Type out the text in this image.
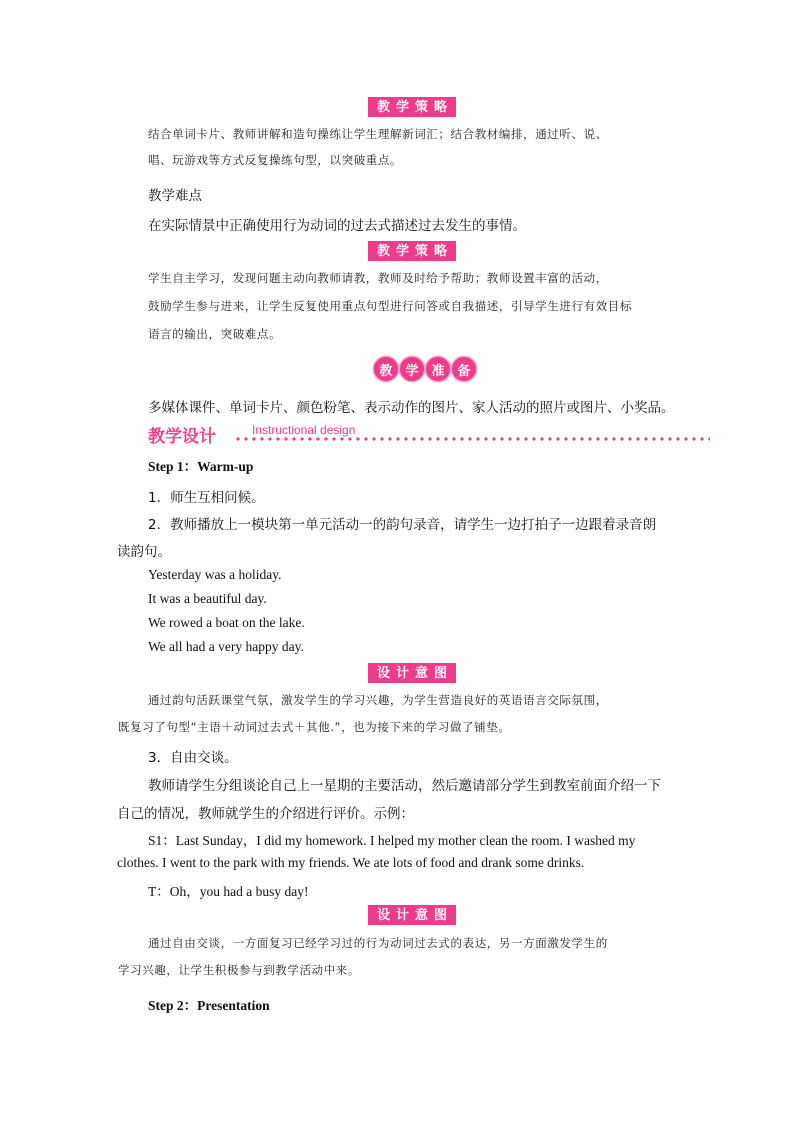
教 学 策 略
结合单词卡片、教师讲解和造句操练让学生理解新词汇；结合教材编排，通过听、说、
唱、玩游戏等方式反复操练句型，以突破重点。
教学难点
在实际情景中正确使用行为动词的过去式描述过去发生的事情。
教 学 策 略
学生自主学习，发现问题主动向教师请教，教师及时给予帮助；教师设置丰富的活动，
鼓励学生参与进来，让学生反复使用重点句型进行问答或自我描述，引导学生进行有效目标
语言的输出，突破难点。
教 学 准 备
多媒体课件、单词卡片、颜色粉笔、表示动作的图片、家人活动的照片或图片、小奖品。
教学设计	Instructional design
Step 1：Warm-up
1．师生互相问候。
2．教师播放上一模块第一单元活动一的韵句录音，请学生一边打拍子一边跟着录音朗
读韵句。
Yesterday was a holiday.
It was a beautiful day.
We rowed a boat on the lake.
We all had a very happy day.
设 计 意 图
通过韵句活跃课堂气氛，激发学生的学习兴趣，为学生营造良好的英语语言交际氛围，
既复习了句型“主语＋动词过去式＋其他.”，也为接下来的学习做了铺垫。
3．自由交谈。
教师请学生分组谈论自己上一星期的主要活动，然后邀请部分学生到教室前面介绍一下
自己的情况，教师就学生的介绍进行评价。示例：
S1：Last Sunday，I did my homework. I helped my mother clean the room. I washed my
clothes. I went to the park with my friends. We ate lots of food and drank some drinks.
T：Oh，you had a busy day!
设 计 意 图
通过自由交谈，一方面复习已经学习过的行为动词过去式的表达，另一方面激发学生的
学习兴趣，让学生积极参与到教学活动中来。
Step 2：Presentation
